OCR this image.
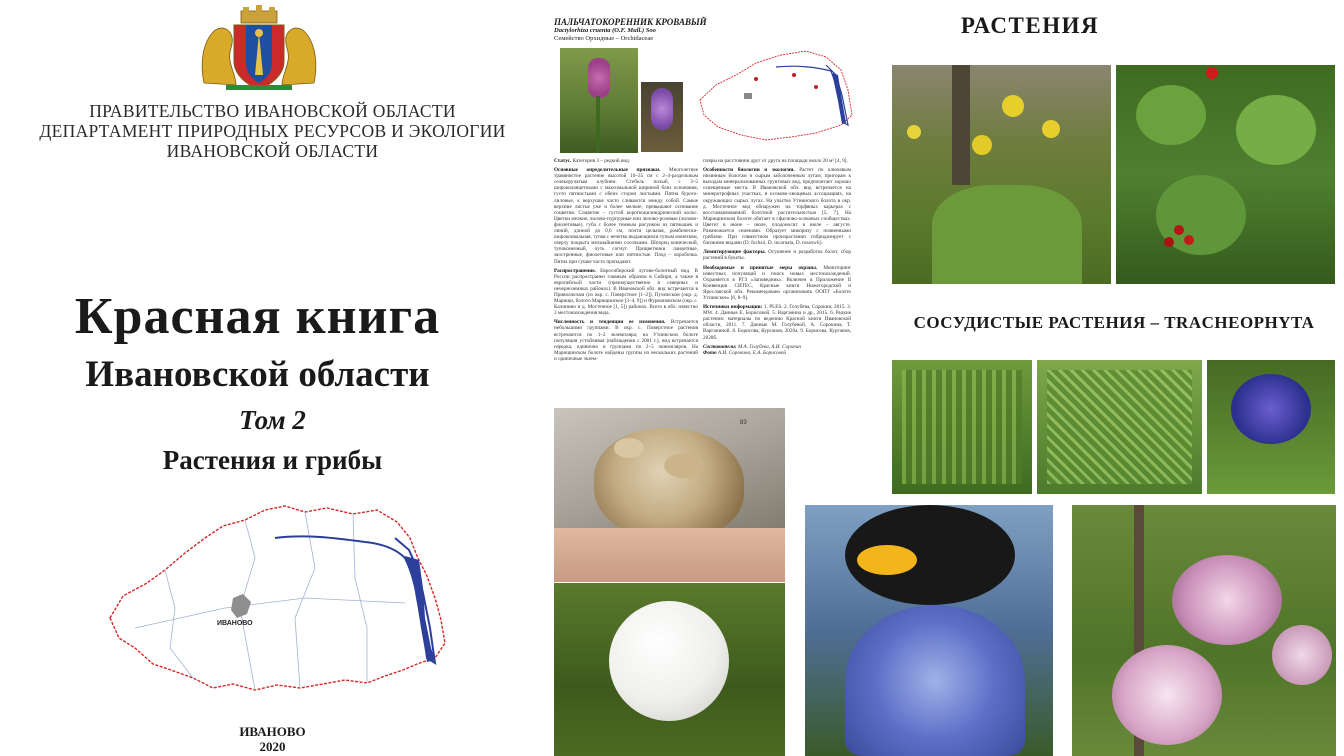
ПРАВИТЕЛЬСТВО ИВАНОВСКОЙ ОБЛАСТИ
ДЕПАРТАМЕНТ ПРИРОДНЫХ РЕСУРСОВ И ЭКОЛОГИИ
ИВАНОВСКОЙ ОБЛАСТИ
Красная книга
Ивановской области
Том 2
Растения и грибы
ИВАНОВО
ИВАНОВО
2020
ПАЛЬЧАТОКОРЕННИК КРОВАВЫЙ
Dactylorhiza cruenta (O.F. Mull.) Soo
Семейство Орхидные – Orchidaceae

Статус. Категория 3 – редкий вид.

Основные определительные признаки. Многолетнее травянистое растение высотой 10–35 см с 2–4-раздельным селекоручатым клубнем. Стебель полый, с 3–5 широколанцетными с максимальной шириной близ основания, густо пятнистыми с обеих сторон листьями. Пятна бурого-лиловые, к верхушке часто сливаются между собой. Самые верхние листья уже и более мелкие, превышают основание соцветия. Соцветие – густой короткоцилиндрический колос. Цветки мелкие, лилово-пурпурные или лилово-розовые (лилово-фиолетовые), губа с более темным рисунком из пятнышек и линий, длиной до 0,6 см, почти цельная, ромбически-широкоовальная, тупая с нечетко выдающимся тупым монетком, сверху покрыта мельчайшими сосочками. Шпорец конический, тупоконечный, чуть согнут. Прицветники ланцетные, заостренные, фиолетовые или пятнистые. Плод – коробочка. Пятна при сушке часто пропадают.

Распространение. Евросибирский лугово-болотный вид. В России распространен главным образом в Сибири, а также в европейской части (преимущественно в северных и нечерноземных районах). В Ивановской обл. вид встречается в Приволжском (из окр. с. Поверстное [1–2]), Пучежском (окр. д. Марищи, болото Марищинское [3–4, 9]) и Фурмановском (окр. с. Калинино и д. Мостечное [1, 5]) районах. Всего в обл. известно 3 местонахождения вида.

Численность и тенденции ее изменения. Встречается небольшими группами. В окр. с. Поверстное растения встречаются по 1–2 экземпляра; на Утиинском болоте популяция устойчивая (наблюдения с 2001 г.), вид встречается изредка, единично и группами по 2–5 экземпляров. На Марищинском болоте найдены группы из нескольких растений и одиночные экзем-

пляры на расстоянии друг от друга на площади около 20 м² [4, 9].

Особенности биологии и экологии. Растет по ключевым низинным болотам и сырым заболоченным лугам, пригорам к выходам минерализованных грунтовых вод, предпочитает хорошо освещенные места. В Ивановской обл. вид встречается на минеротрофных участках, в осоково-хвощевых ассоциациях, на окружающих сырых лугах. На участке Утиинского болота в окр. д. Мостечное вид обнаружен на торфяных карьерах с восстанавливаемой болотной растительностью [5, 7]. На Марищинском болоте обитает в сфагново-осоковых сообществах. Цветет в июне – июле, плодоносит в июле – августе. Размножается семенами. Образует микоризу с почвенными грибами. При совместном произрастании гибридизирует с близкими видами (D. fuchsii, D. incarnata, D. russowii).

Лимитирующие факторы. Осушение и разработка болот, сбор растений в букеты.

Необходимые и принятые меры охраны. Мониторинг известных популяций и поиск новых местонахождений. Охраняется в РГЗ «Заповедник». Включен в Приложение II Конвенции СИТЕС, Красные книги Нижегородской и Ярославской обл. Рекомендовано организовать ООПТ «Болото Утиинское» [6, 8–9].

Источники информации: 1. PLES. 2. Голубева, Сорокин, 2015. 3. MW. 4. Данные Е. Борисовой. 5. Варганина и др., 2015. 6. Редкие растения: материалы по ведению Красной книги Ивановской области, 2011. 7. Данные М. Голубевой, А. Сорокина, Т. Варганиной. 8. Борисова, Курганов, 2020а. 9. Борисова, Курганов, 2020б.

Составители: М.А. Голубева, А.И. Сорокин

Фото А.И. Сорокина, Е.А. Борисовой

83
РАСТЕНИЯ
СОСУДИСТЫЕ РАСТЕНИЯ – TRACHEOPHYTA
